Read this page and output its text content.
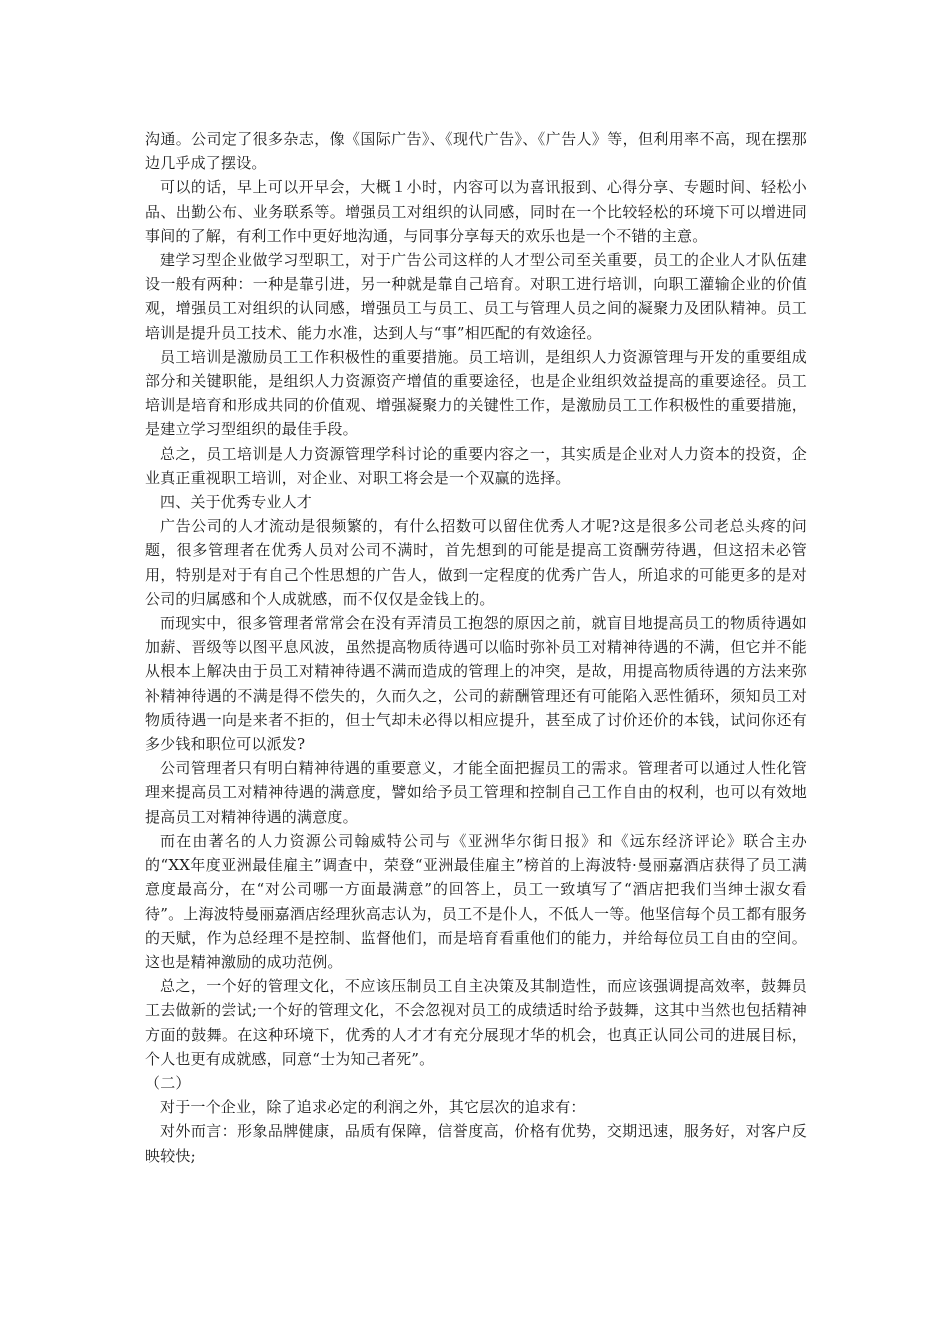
沟通。公司定了很多杂志，像《国际广告》、《现代广告》、《广告人》等，但利用率不高，现在摆那边几乎成了摆设。

可以的话，早上可以开早会，大概１小时，内容可以为喜讯报到、心得分享、专题时间、轻松小品、出勤公布、业务联系等。增强员工对组织的认同感，同时在一个比较轻松的环境下可以增进同事间的了解，有利工作中更好地沟通，与同事分享每天的欢乐也是一个不错的主意。

建学习型企业做学习型职工，对于广告公司这样的人才型公司至关重要，员工的企业人才队伍建设一般有两种：一种是靠引进，另一种就是靠自己培育。对职工进行培训，向职工灌输企业的价值观，增强员工对组织的认同感，增强员工与员工、员工与管理人员之间的凝聚力及团队精神。员工培训是提升员工技术、能力水准，达到人与“事”相匹配的有效途径。

员工培训是激励员工工作积极性的重要措施。员工培训，是组织人力资源管理与开发的重要组成部分和关键职能，是组织人力资源资产增值的重要途径，也是企业组织效益提高的重要途径。员工培训是培育和形成共同的价值观、增强凝聚力的关键性工作，是激励员工工作积极性的重要措施，是建立学习型组织的最佳手段。

总之，员工培训是人力资源管理学科讨论的重要内容之一，其实质是企业对人力资本的投资，企业真正重视职工培训，对企业、对职工将会是一个双赢的选择。

四、关于优秀专业人才

广告公司的人才流动是很频繁的，有什么招数可以留住优秀人才呢?这是很多公司老总头疼的问题，很多管理者在优秀人员对公司不满时，首先想到的可能是提高工资酬劳待遇，但这招未必管用，特别是对于有自己个性思想的广告人，做到一定程度的优秀广告人，所追求的可能更多的是对公司的归属感和个人成就感，而不仅仅是金钱上的。

而现实中，很多管理者常常会在没有弄清员工抱怨的原因之前，就盲目地提高员工的物质待遇如加薪、晋级等以图平息风波，虽然提高物质待遇可以临时弥补员工对精神待遇的不满，但它并不能从根本上解决由于员工对精神待遇不满而造成的管理上的冲突，是故，用提高物质待遇的方法来弥补精神待遇的不满是得不偿失的，久而久之，公司的薪酬管理还有可能陷入恶性循环，须知员工对物质待遇一向是来者不拒的，但士气却未必得以相应提升，甚至成了讨价还价的本钱，试问你还有多少钱和职位可以派发?

公司管理者只有明白精神待遇的重要意义，才能全面把握员工的需求。管理者可以通过人性化管理来提高员工对精神待遇的满意度，譬如给予员工管理和控制自己工作自由的权利，也可以有效地提高员工对精神待遇的满意度。

而在由著名的人力资源公司翰威特公司与《亚洲华尔街日报》和《远东经济评论》联合主办的“XX年度亚洲最佳雇主”调查中，荣登“亚洲最佳雇主”榜首的上海波特·曼丽嘉酒店获得了员工满意度最高分，在“对公司哪一方面最满意”的回答上，员工一致填写了“酒店把我们当绅士淑女看待”。上海波特曼丽嘉酒店经理狄高志认为，员工不是仆人，不低人一等。他坚信每个员工都有服务的天赋，作为总经理不是控制、监督他们，而是培育看重他们的能力，并给每位员工自由的空间。这也是精神激励的成功范例。

总之，一个好的管理文化，不应该压制员工自主决策及其制造性，而应该强调提高效率，鼓舞员工去做新的尝试;一个好的管理文化，不会忽视对员工的成绩适时给予鼓舞，这其中当然也包括精神方面的鼓舞。在这种环境下，优秀的人才才有充分展现才华的机会，也真正认同公司的进展目标，个人也更有成就感，同意“士为知己者死”。

（二）

对于一个企业，除了追求必定的利润之外，其它层次的追求有：

对外而言：形象品牌健康，品质有保障，信誉度高，价格有优势，交期迅速，服务好，对客户反映较快;
